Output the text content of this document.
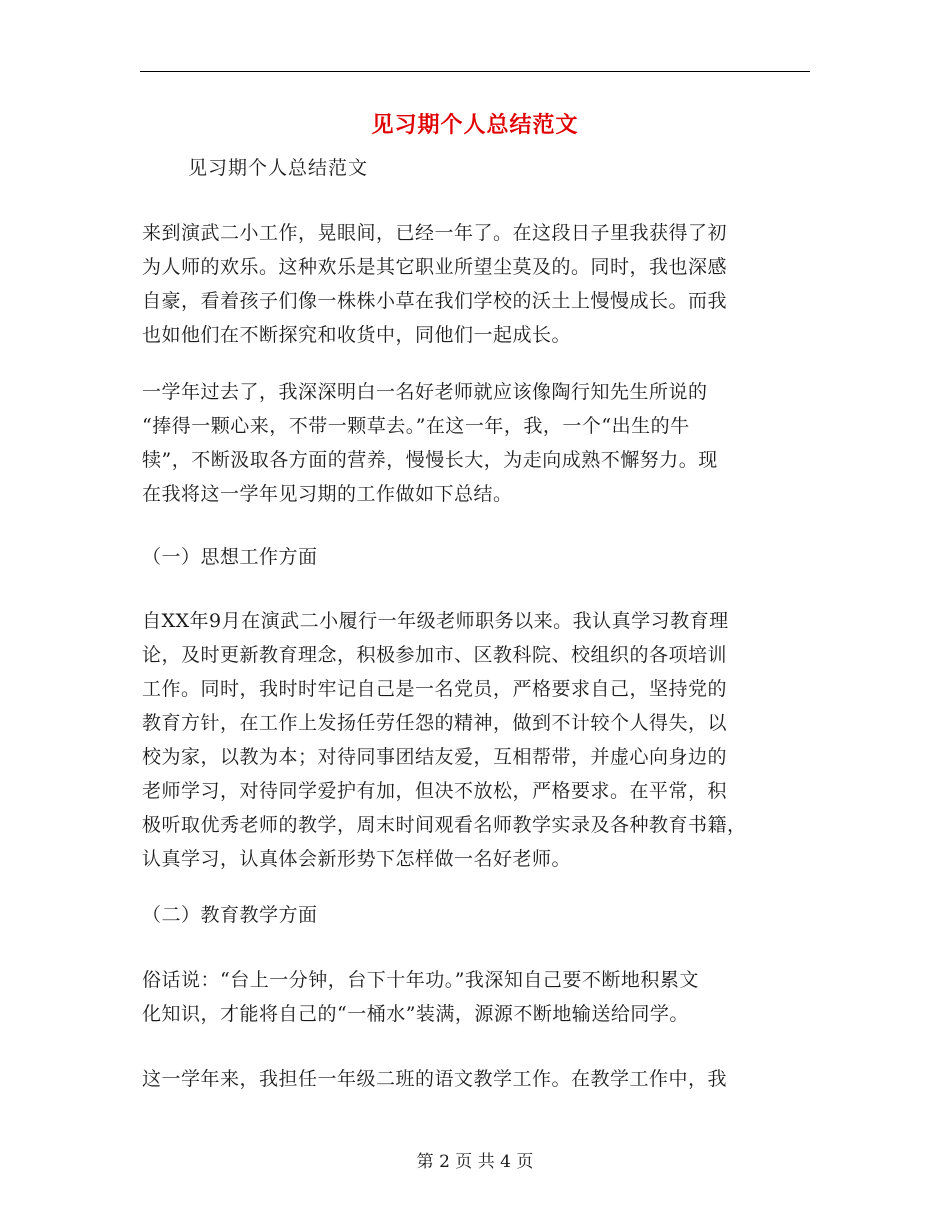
见习期个人总结范文
见习期个人总结范文

来到演武二小工作，晃眼间，已经一年了。在这段日子里我获得了初
为人师的欢乐。这种欢乐是其它职业所望尘莫及的。同时，我也深感
自豪，看着孩子们像一株株小草在我们学校的沃土上慢慢成长。而我
也如他们在不断探究和收货中，同他们一起成长。

一学年过去了，我深深明白一名好老师就应该像陶行知先生所说的
“捧得一颗心来，不带一颗草去。”在这一年，我，一个“出生的牛
犊”，不断汲取各方面的营养，慢慢长大，为走向成熟不懈努力。现
在我将这一学年见习期的工作做如下总结。

（一）思想工作方面

自XX年9月在演武二小履行一年级老师职务以来。我认真学习教育理
论，及时更新教育理念，积极参加市、区教科院、校组织的各项培训
工作。同时，我时时牢记自己是一名党员，严格要求自己，坚持党的
教育方针，在工作上发扬任劳任怨的精神，做到不计较个人得失，以
校为家，以教为本；对待同事团结友爱，互相帮带，并虚心向身边的
老师学习，对待同学爱护有加，但决不放松，严格要求。在平常，积
极听取优秀老师的教学，周末时间观看名师教学实录及各种教育书籍，
认真学习，认真体会新形势下怎样做一名好老师。

（二）教育教学方面

俗话说：“台上一分钟，台下十年功。”我深知自己要不断地积累文
化知识，才能将自己的“一桶水”装满，源源不断地输送给同学。

这一学年来，我担任一年级二班的语文教学工作。在教学工作中，我

第 2 页 共 4 页
